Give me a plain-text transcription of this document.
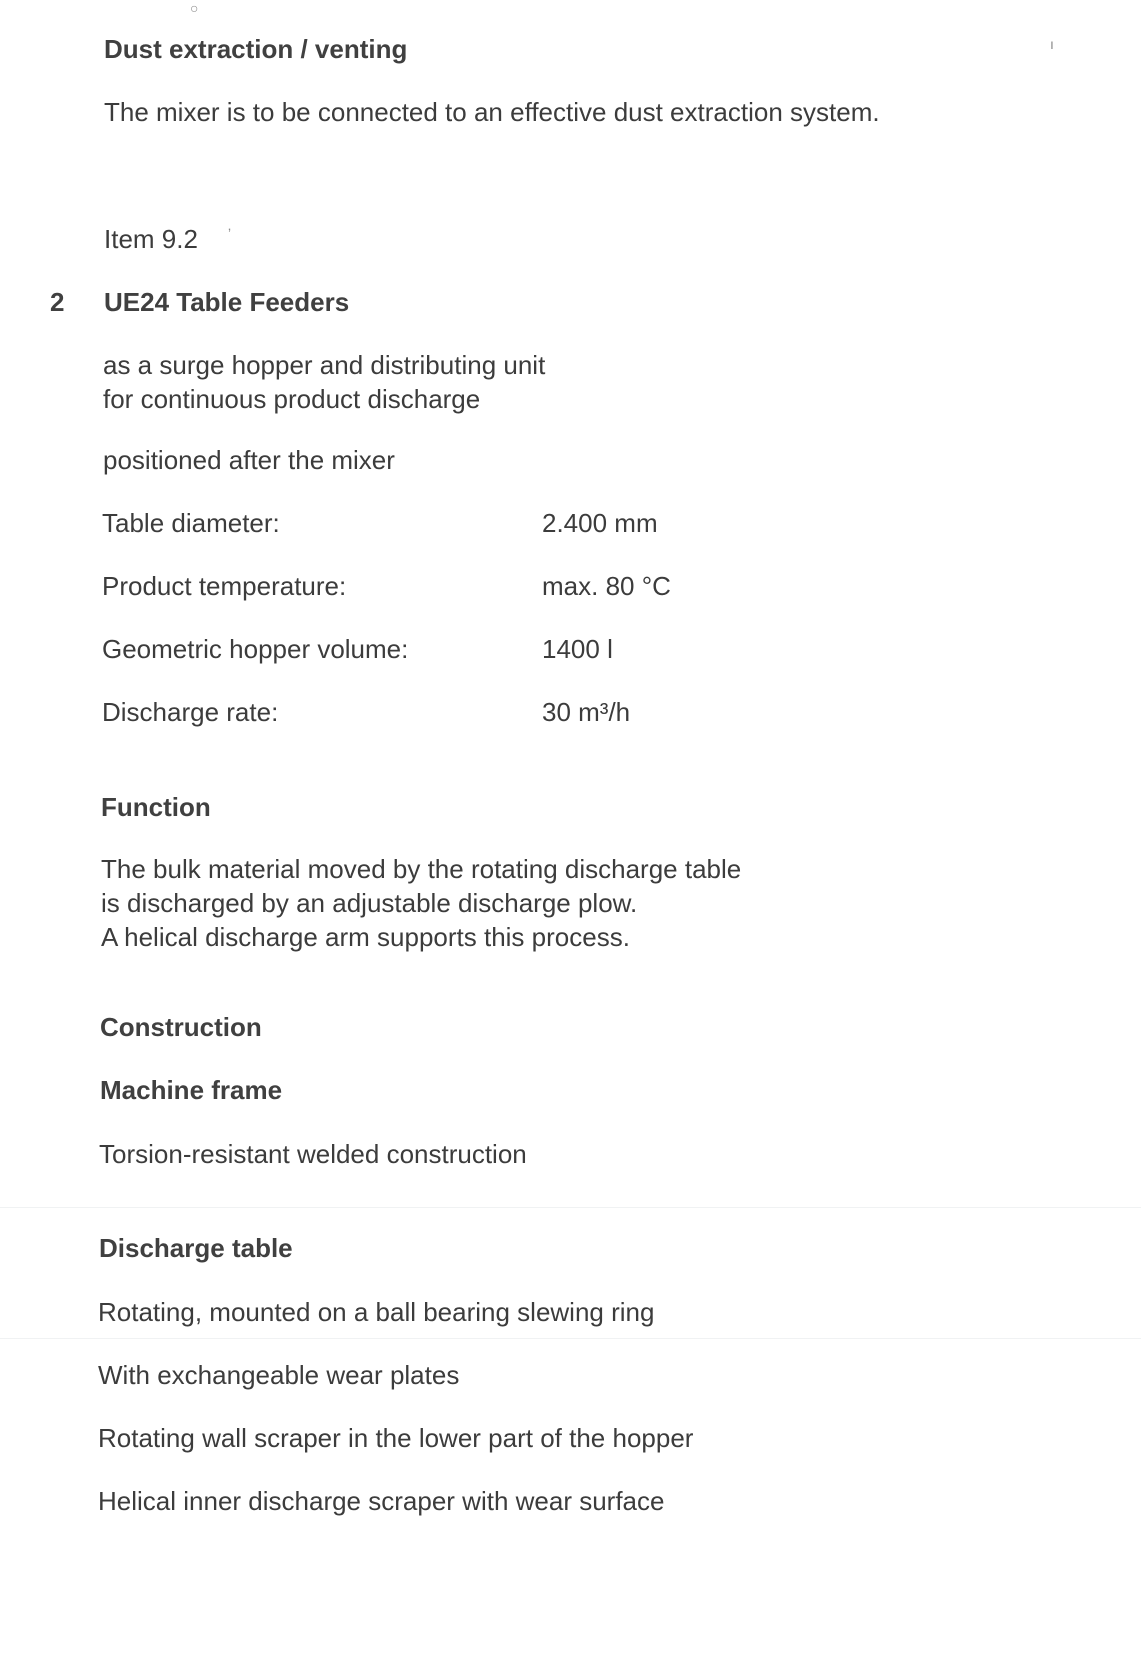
○
ı
ʼ
Dust extraction / venting
The mixer is to be connected to an effective dust extraction system.
Item 9.2
2 UE24 Table Feeders
as a surge hopper and distributing unit
for continuous product discharge
positioned after the mixer
Table diameter:	2.400 mm
Product temperature:	max. 80 °C
Geometric hopper volume:	1400 l
Discharge rate:	30 m³/h
Function
The bulk material moved by the rotating discharge table
is discharged by an adjustable discharge plow.
A helical discharge arm supports this process.
Construction
Machine frame
Torsion-resistant welded construction
Discharge table
Rotating, mounted on a ball bearing slewing ring
With exchangeable wear plates
Rotating wall scraper in the lower part of the hopper
Helical inner discharge scraper with wear surface
